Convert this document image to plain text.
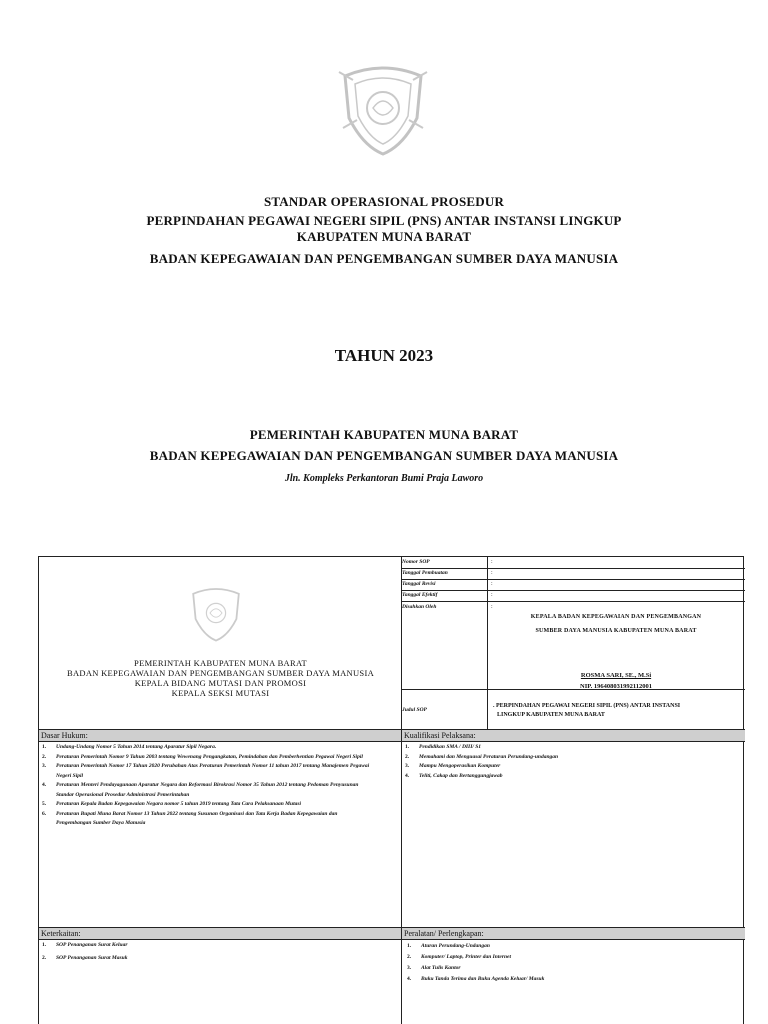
STANDAR OPERASIONAL PROSEDUR
PERPINDAHAN PEGAWAI NEGERI SIPIL (PNS) ANTAR INSTANSI LINGKUP
KABUPATEN MUNA BARAT
BADAN KEPEGAWAIAN DAN PENGEMBANGAN SUMBER DAYA MANUSIA
TAHUN 2023
PEMERINTAH KABUPATEN MUNA BARAT
BADAN KEPEGAWAIAN DAN PENGEMBANGAN SUMBER DAYA MANUSIA
Jln. Kompleks Perkantoran Bumi Praja Laworo
PEMERINTAH KABUPATEN MUNA BARAT
BADAN KEPEGAWAIAN DAN PENGEMBANGAN SUMBER DAYA MANUSIA
KEPALA BIDANG MUTASI DAN PROMOSI
KEPALA SEKSI MUTASI
Nomor SOP
Tanggal Pembuatan
Tanggal Revisi
Tanggal Efektif
Disahkan Oleh
Judul SOP
:
:
:
:
:
KEPALA BADAN KEPEGAWAIAN DAN PENGEMBANGAN
SUMBER DAYA MANUSIA KABUPATEN MUNA BARAT
ROSMA SARI, SE., M.Si
NIP. 196408031992112001
. PERPINDAHAN PEGAWAI NEGERI SIPIL (PNS) ANTAR INSTANSI
LINGKUP KABUPATEN MUNA BARAT
Dasar Hukum:	Kualifikasi Pelaksana:
1. Undang-Undang Nomor 5 Tahun 2014 tentang Aparatur Sipil Negara.
2. Peraturan Pemerintah Nomor 9 Tahun 2003 tentang Wewenang Pengangkatan, Pemindahan dan Pemberhentian Pegawai Negeri Sipil
3. Peraturan Pemerintah Nomor 17 Tahun 2020 Perubahan Atas Peraturan Pemerintah Nomor 11 tahun 2017 tentang Manajemen Pegawai Negeri Sipil
4. Peraturan Menteri Pendayagunaan Aparatur Negara dan Reformasi Birokrasi Nomor 35 Tahun 2012 tentang Pedoman Penyusunan Standar Operasional Prosedur Administrasi Pemerintahan
5. Peraturan Kepala Badan Kepegawaian Negara nomor 5 tahun 2019 tentang Tata Cara Pelaksanaan Mutasi
6. Peraturan Bupati Muna Barat Nomor 13 Tahun 2022 tentang Susunan Organisasi dan Tata Kerja Badan Kepegawaian dan Pengembangan Sumber Daya Manusia
1. Pendidikan SMA / DIII/ S1
2. Memahami dan Menguasai Peraturan Perundang-undangan
3. Mampu Mengoperasikan Komputer
4. Teliti, Cakap dan Bertanggungjawab
Keterkaitan:	Peralatan/ Perlengkapan:
1. SOP Penanganan Surat Keluar
2. SOP Penanganan Surat Masuk
1. Aturan Perundang-Undangan
2. Komputer/ Laptop, Printer dan Internet
3. Alat Tulis Kantor
4. Buku Tanda Terima dan Buku Agenda Keluar/ Masuk
